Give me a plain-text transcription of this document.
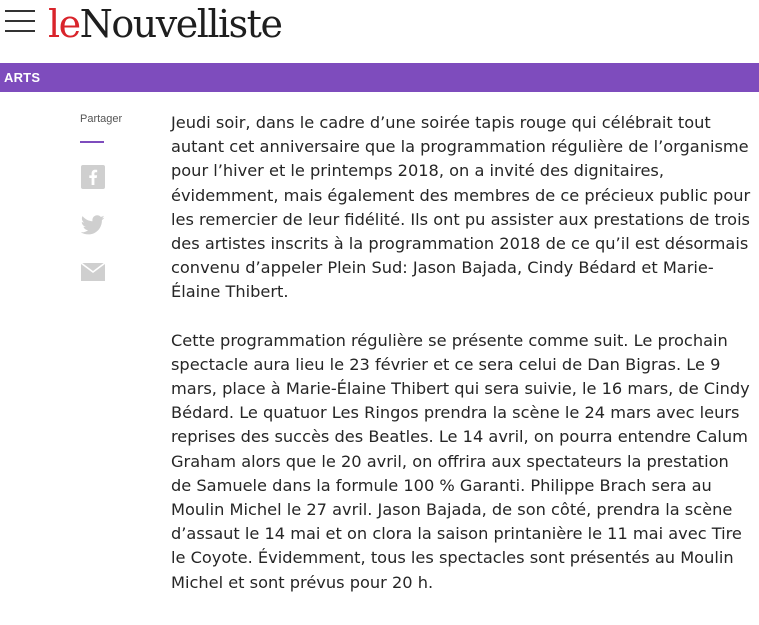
leNouvelliste
ARTS
Partager	Jeudi soir, dans le cadre d’une soirée tapis rouge qui célébrait tout autant cet anniversaire que la programmation régulière de l’organisme pour l’hiver et le printemps 2018, on a invité des dignitaires, évidemment, mais également des membres de ce précieux public pour les remercier de leur fidélité. Ils ont pu assister aux prestations de trois des artistes inscrits à la programmation 2018 de ce qu’il est désormais convenu d’appeler Plein Sud: Jason Bajada, Cindy Bédard et Marie-Élaine Thibert.

Cette programmation régulière se présente comme suit. Le prochain spectacle aura lieu le 23 février et ce sera celui de Dan Bigras. Le 9 mars, place à Marie-Élaine Thibert qui sera suivie, le 16 mars, de Cindy Bédard. Le quatuor Les Ringos prendra la scène le 24 mars avec leurs reprises des succès des Beatles. Le 14 avril, on pourra entendre Calum Graham alors que le 20 avril, on offrira aux spectateurs la prestation de Samuele dans la formule 100 % Garanti. Philippe Brach sera au Moulin Michel le 27 avril. Jason Bajada, de son côté, prendra la scène d’assaut le 14 mai et on clora la saison printanière le 11 mai avec Tire le Coyote. Évidemment, tous les spectacles sont présentés au Moulin Michel et sont prévus pour 20 h.
